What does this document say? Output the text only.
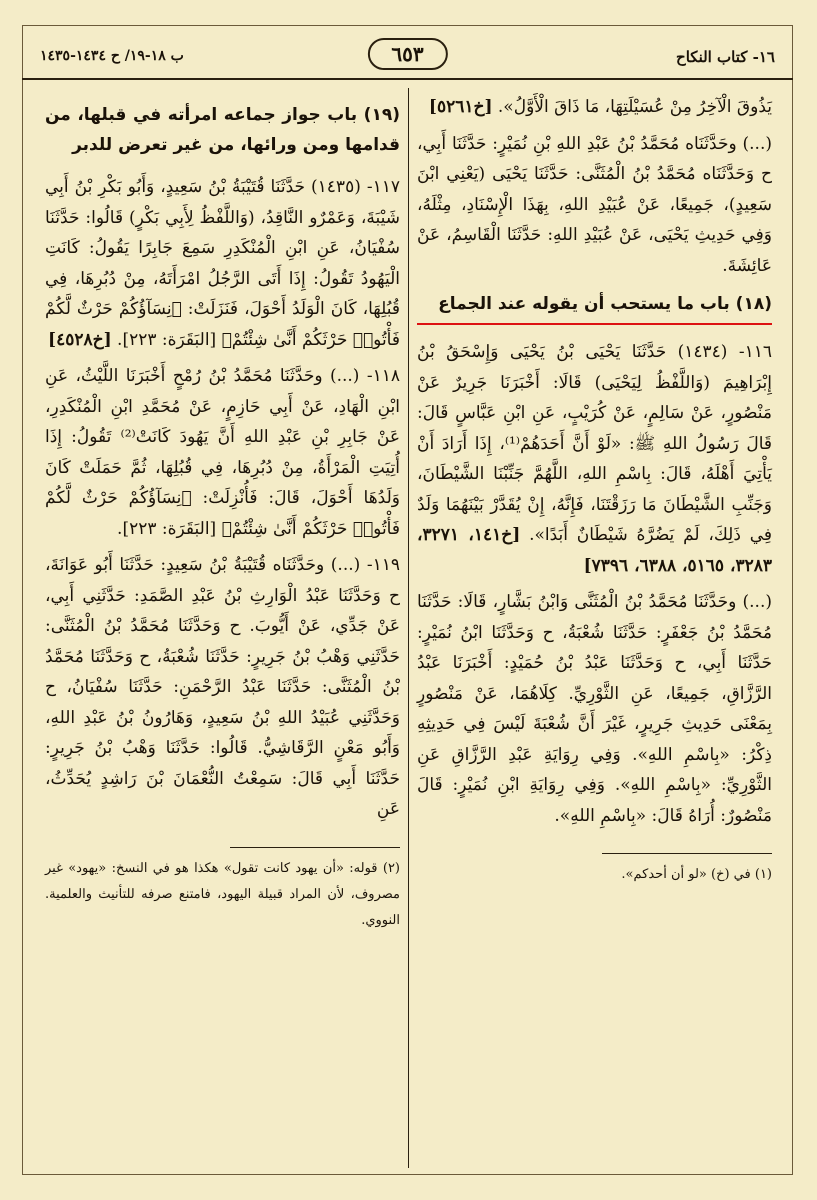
١٦- كتاب النكاح
٦٥٣
ب ١٨-١٩/ ح ١٤٣٤-١٤٣٥

يَذُوقَ الْآخِرُ مِنْ عُسَيْلَتِهَا، مَا ذَاقَ الْأَوَّلُ». [خ٥٢٦١]

(...) وحَدَّثَنَاه مُحَمَّدُ بْنُ عَبْدِ اللهِ بْنِ نُمَيْرٍ: حَدَّثَنَا أَبِي، ح وَحَدَّثَنَاه مُحَمَّدُ بْنُ الْمُثَنَّى: حَدَّثَنَا يَحْيَى (يَعْنِي ابْنَ سَعِيدٍ)، جَمِيعًا، عَنْ عُبَيْدِ اللهِ، بِهَذَا الْإِسْنَادِ، مِثْلَهُ، وَفِي حَدِيثِ يَحْيَى، عَنْ عُبَيْدِ اللهِ: حَدَّثَنَا الْقَاسِمُ، عَنْ عَائِشَةَ.

(١٨) باب ما يستحب أن يقوله عند الجماع

١١٦- (١٤٣٤) حَدَّثَنَا يَحْيَى بْنُ يَحْيَى وَإِسْحَقُ بْنُ إِبْرَاهِيمَ (وَاللَّفْظُ لِيَحْيَى) قَالَا: أَخْبَرَنَا جَرِيرٌ عَنْ مَنْصُورٍ، عَنْ سَالِمٍ، عَنْ كُرَيْبٍ، عَنِ ابْنِ عَبَّاسٍ قَالَ: قَالَ رَسُولُ اللهِ ﷺ: «لَوْ أَنَّ أَحَدَهُمْ⁽¹⁾، إِذَا أَرَادَ أَنْ يَأْتِيَ أَهْلَهُ، قَالَ: بِاسْمِ اللهِ، اللَّهُمَّ جَنِّبْنَا الشَّيْطَانَ، وَجَنِّبِ الشَّيْطَانَ مَا رَزَقْتَنَا، فَإِنَّهُ، إِنْ يُقَدَّرْ بَيْنَهُمَا وَلَدٌ فِي ذَلِكَ، لَمْ يَضُرَّهُ شَيْطَانٌ أَبَدًا». [خ١٤١، ٣٢٧١، ٣٢٨٣، ٥١٦٥، ٦٣٨٨، ٧٣٩٦]

(...) وحَدَّثَنَا مُحَمَّدُ بْنُ الْمُثَنَّى وَابْنُ بَشَّارٍ، قَالَا: حَدَّثَنَا مُحَمَّدُ بْنُ جَعْفَرٍ: حَدَّثَنَا شُعْبَةُ، ح وَحَدَّثَنَا ابْنُ نُمَيْرٍ: حَدَّثَنَا أَبِي، ح وَحَدَّثَنَا عَبْدُ بْنُ حُمَيْدٍ: أَخْبَرَنَا عَبْدُ الرَّزَّاقِ، جَمِيعًا، عَنِ الثَّوْرِيِّ. كِلَاهُمَا، عَنْ مَنْصُورٍ بِمَعْنَى حَدِيثِ جَرِيرٍ، غَيْرَ أَنَّ شُعْبَةَ لَيْسَ فِي حَدِيثِهِ ذِكْرُ: «بِاسْمِ اللهِ». وَفِي رِوَايَةِ عَبْدِ الرَّزَّاقِ عَنِ الثَّوْرِيِّ: «بِاسْمِ اللهِ». وَفِي رِوَايَةِ ابْنِ نُمَيْرٍ: قَالَ مَنْصُورٌ: أُرَاهُ قَالَ: «بِاسْمِ اللهِ».

(١) في (خ) «لو أن أحدكم».
(١٩) باب جواز جماعه امرأته في قبلها، من قدامها ومن ورائها، من غير تعرض للدبر

١١٧- (١٤٣٥) حَدَّثَنَا قُتَيْبَةُ بْنُ سَعِيدٍ، وَأَبُو بَكْرِ بْنُ أَبِي شَيْبَةَ، وَعَمْرٌو النَّاقِدُ، (وَاللَّفْظُ لِأَبِي بَكْرٍ) قَالُوا: حَدَّثَنَا سُفْيَانُ، عَنِ ابْنِ الْمُنْكَدِرِ سَمِعَ جَابِرًا يَقُولُ: كَانَتِ الْيَهُودُ تَقُولُ: إِذَا أَتَى الرَّجُلُ امْرَأَتَهُ، مِنْ دُبُرِهَا، فِي قُبُلِهَا، كَانَ الْوَلَدُ أَحْوَلَ، فَنَزَلَتْ: ﴿نِسَآؤُكُمْ حَرْثٌ لَّكُمْ فَأْتُوا۟ حَرْثَكُمْ أَنَّىٰ شِئْتُمْ﴾ [البَقَرَة: ٢٢٣]. [خ٤٥٢٨]

١١٨- (...) وحَدَّثَنَا مُحَمَّدُ بْنُ رُمْحٍ أَخْبَرَنَا اللَّيْثُ، عَنِ ابْنِ الْهَادِ، عَنْ أَبِي حَازِمٍ، عَنْ مُحَمَّدِ ابْنِ الْمُنْكَدِرِ، عَنْ جَابِرِ بْنِ عَبْدِ اللهِ أَنَّ يَهُودَ كَانَتْ⁽²⁾ تَقُولُ: إِذَا أُتِيَتِ الْمَرْأَةُ، مِنْ دُبُرِهَا، فِي قُبُلِهَا، ثُمَّ حَمَلَتْ كَانَ وَلَدُهَا أَحْوَلَ، قَالَ: فَأُنْزِلَتْ: ﴿نِسَآؤُكُمْ حَرْثٌ لَّكُمْ فَأْتُوا۟ حَرْثَكُمْ أَنَّىٰ شِئْتُمْ﴾ [البَقَرَة: ٢٢٣].

١١٩- (...) وحَدَّثَنَاه قُتَيْبَةُ بْنُ سَعِيدٍ: حَدَّثَنَا أَبُو عَوَانَةَ، ح وَحَدَّثَنَا عَبْدُ الْوَارِثِ بْنُ عَبْدِ الصَّمَدِ: حَدَّثَنِي أَبِي، عَنْ جَدِّي، عَنْ أَيُّوبَ. ح وَحَدَّثَنَا مُحَمَّدُ بْنُ الْمُثَنَّى: حَدَّثَنِي وَهْبُ بْنُ جَرِيرٍ: حَدَّثَنَا شُعْبَةُ، ح وَحَدَّثَنَا مُحَمَّدُ بْنُ الْمُثَنَّى: حَدَّثَنَا عَبْدُ الرَّحْمَنِ: حَدَّثَنَا سُفْيَانُ، ح وَحَدَّثَنِي عُبَيْدُ اللهِ بْنُ سَعِيدٍ، وَهَارُونُ بْنُ عَبْدِ اللهِ، وَأَبُو مَعْنٍ الرَّقَاشِيُّ. قَالُوا: حَدَّثَنَا وَهْبُ بْنُ جَرِيرٍ: حَدَّثَنَا أَبِي قَالَ: سَمِعْتُ النُّعْمَانَ بْنَ رَاشِدٍ يُحَدِّثُ، عَنِ

(٢) قوله: «أن يهود كانت تقول» هكذا هو في النسخ: «يهود» غير مصروف، لأن المراد قبيلة اليهود، فامتنع صرفه للتأنيث والعلمية. النووي.
